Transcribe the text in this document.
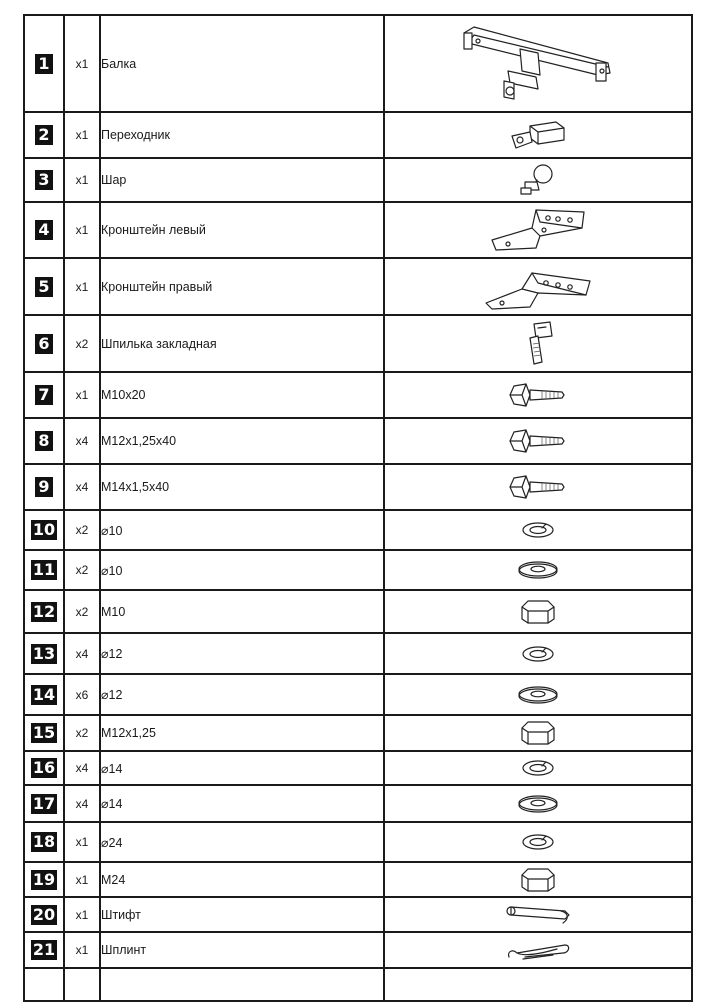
1	x1	Балка	

2	x1	Переходник	

3	x1	Шар	

4	x1	Кронштейн левый	

5	x1	Кронштейн правый	

6	x2	Шпилька закладная	

7	x1	M10x20	

8	x4	M12x1,25x40	

9	x4	M14x1,5x40	

10	x2	⌀10	

11	x2	⌀10	

12	x2	M10	

13	x4	⌀12	

14	x6	⌀12	

15	x2	M12x1,25	

16	x4	⌀14	

17	x4	⌀14	

18	x1	⌀24	

19	x1	M24	

20	x1	Штифт	

21	x1	Шплинт	
